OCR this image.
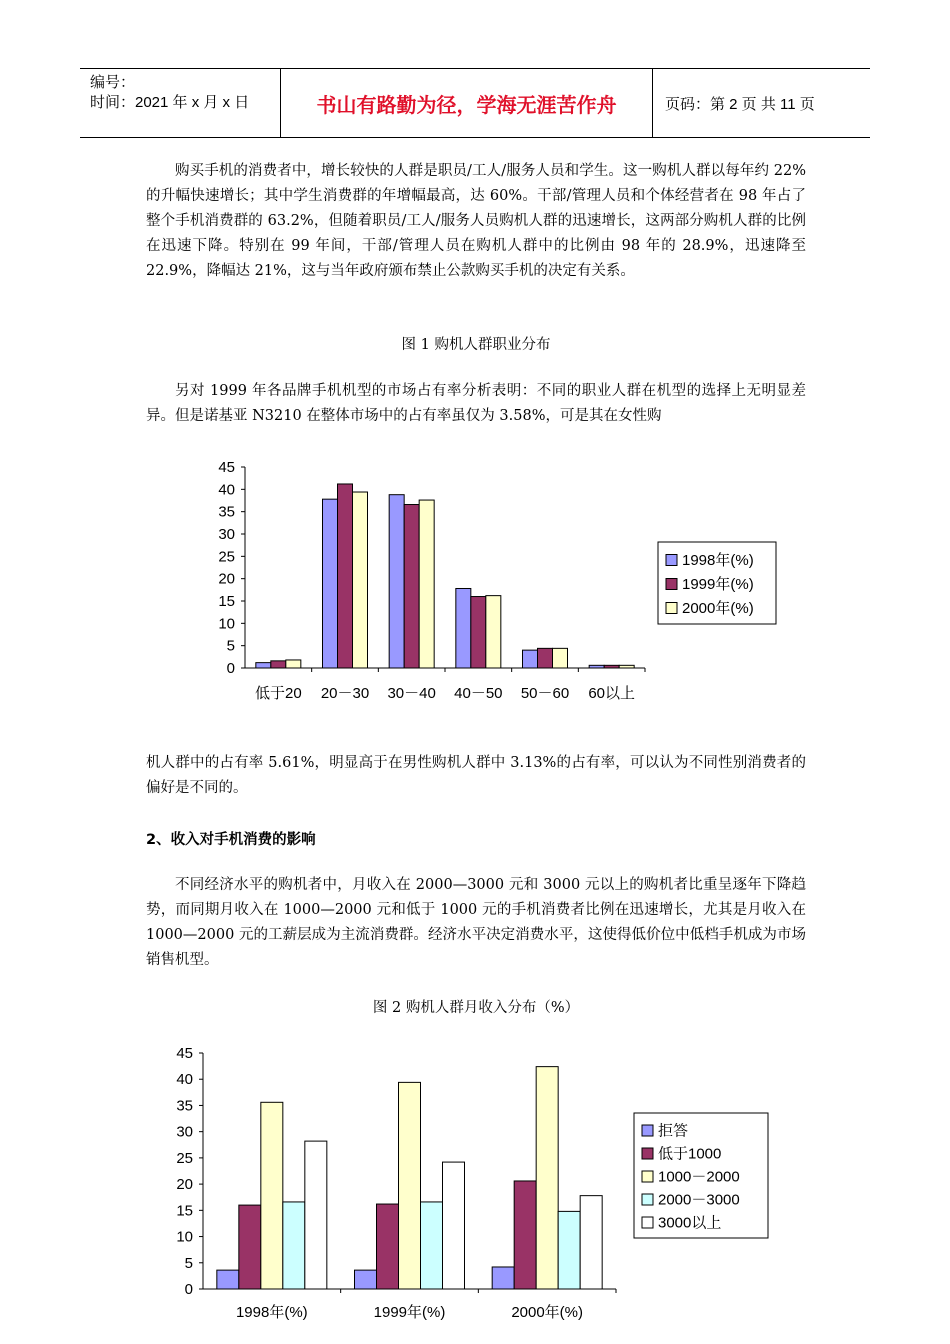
编号：
时间：2021 年 x 月 x 日	书山有路勤为径，学海无涯苦作舟	页码：第 2 页 共 11 页
购买手机的消费者中，增长较快的人群是职员/工人/服务人员和学生。这一购机人群以每年约 22%的升幅快速增长；其中学生消费群的年增幅最高，达 60%。干部/管理人员和个体经营者在 98 年占了整个手机消费群的 63.2%，但随着职员/工人/服务人员购机人群的迅速增长，这两部分购机人群的比例在迅速下降。特别在 99 年间，干部/管理人员在购机人群中的比例由 98 年的 28.9%，迅速降至 22.9%，降幅达 21%，这与当年政府颁布禁止公款购买手机的决定有关系。
图 1 购机人群职业分布
另对 1999 年各品牌手机机型的市场占有率分析表明：不同的职业人群在机型的选择上无明显差异。但是诺基亚 N3210 在整体市场中的占有率虽仅为 3.58%，可是其在女性购
0
5
10
15
20
25
30
35
40
45
低于20 20－30 30－40 40－50 50－60 60以上
1998年(%)
1999年(%)
2000年(%)
机人群中的占有率 5.61%，明显高于在男性购机人群中 3.13%的占有率，可以认为不同性别消费者的偏好是不同的。
2、收入对手机消费的影响
不同经济水平的购机者中，月收入在 2000—3000 元和 3000 元以上的购机者比重呈逐年下降趋势，而同期月收入在 1000—2000 元和低于 1000 元的手机消费者比例在迅速增长，尤其是月收入在 1000—2000 元的工薪层成为主流消费群。经济水平决定消费水平，这使得低价位中低档手机成为市场销售机型。
图 2 购机人群月收入分布（%）
0
5
10
15
20
25
30
35
40
45
1998年(%)	1999年(%)	2000年(%)
拒答
低于1000
1000－2000
2000－3000
3000以上
